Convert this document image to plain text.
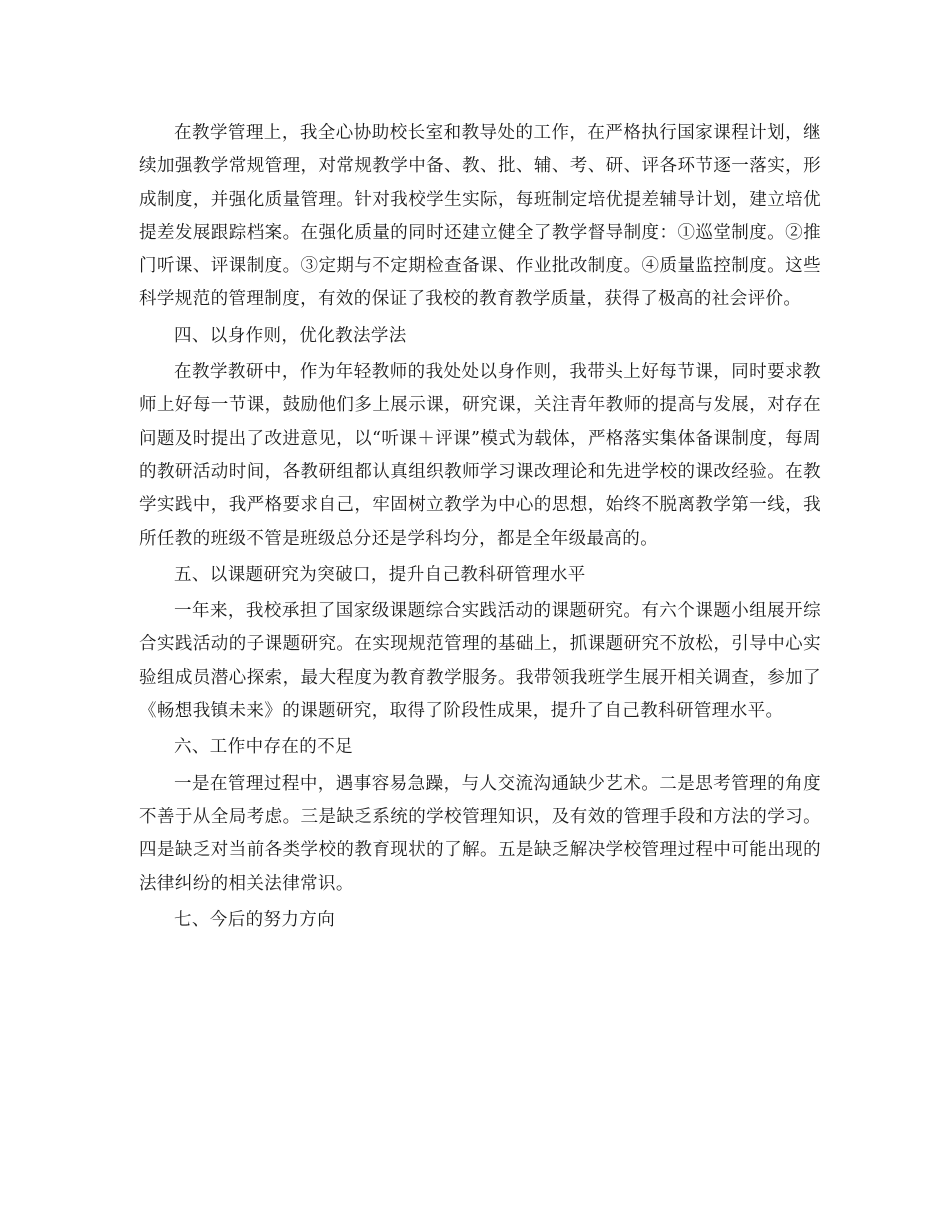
在教学管理上，我全心协助校长室和教导处的工作，在严格执行国家课程计划，继续加强教学常规管理，对常规教学中备、教、批、辅、考、研、评各环节逐一落实，形成制度，并强化质量管理。针对我校学生实际，每班制定培优提差辅导计划，建立培优提差发展跟踪档案。在强化质量的同时还建立健全了教学督导制度：①巡堂制度。②推门听课、评课制度。③定期与不定期检查备课、作业批改制度。④质量监控制度。这些科学规范的管理制度，有效的保证了我校的教育教学质量，获得了极高的社会评价。

四、以身作则，优化教法学法

在教学教研中，作为年轻教师的我处处以身作则，我带头上好每节课，同时要求教师上好每一节课，鼓励他们多上展示课，研究课，关注青年教师的提高与发展，对存在问题及时提出了改进意见，以“听课＋评课”模式为载体，严格落实集体备课制度，每周的教研活动时间，各教研组都认真组织教师学习课改理论和先进学校的课改经验。在教学实践中，我严格要求自己，牢固树立教学为中心的思想，始终不脱离教学第一线，我所任教的班级不管是班级总分还是学科均分，都是全年级最高的。

五、以课题研究为突破口，提升自己教科研管理水平

一年来，我校承担了国家级课题综合实践活动的课题研究。有六个课题小组展开综合实践活动的子课题研究。在实现规范管理的基础上，抓课题研究不放松，引导中心实验组成员潜心探索，最大程度为教育教学服务。我带领我班学生展开相关调查，参加了《畅想我镇未来》的课题研究，取得了阶段性成果，提升了自己教科研管理水平。

六、工作中存在的不足

一是在管理过程中，遇事容易急躁，与人交流沟通缺少艺术。二是思考管理的角度不善于从全局考虑。三是缺乏系统的学校管理知识，及有效的管理手段和方法的学习。四是缺乏对当前各类学校的教育现状的了解。五是缺乏解决学校管理过程中可能出现的法律纠纷的相关法律常识。

七、今后的努力方向
